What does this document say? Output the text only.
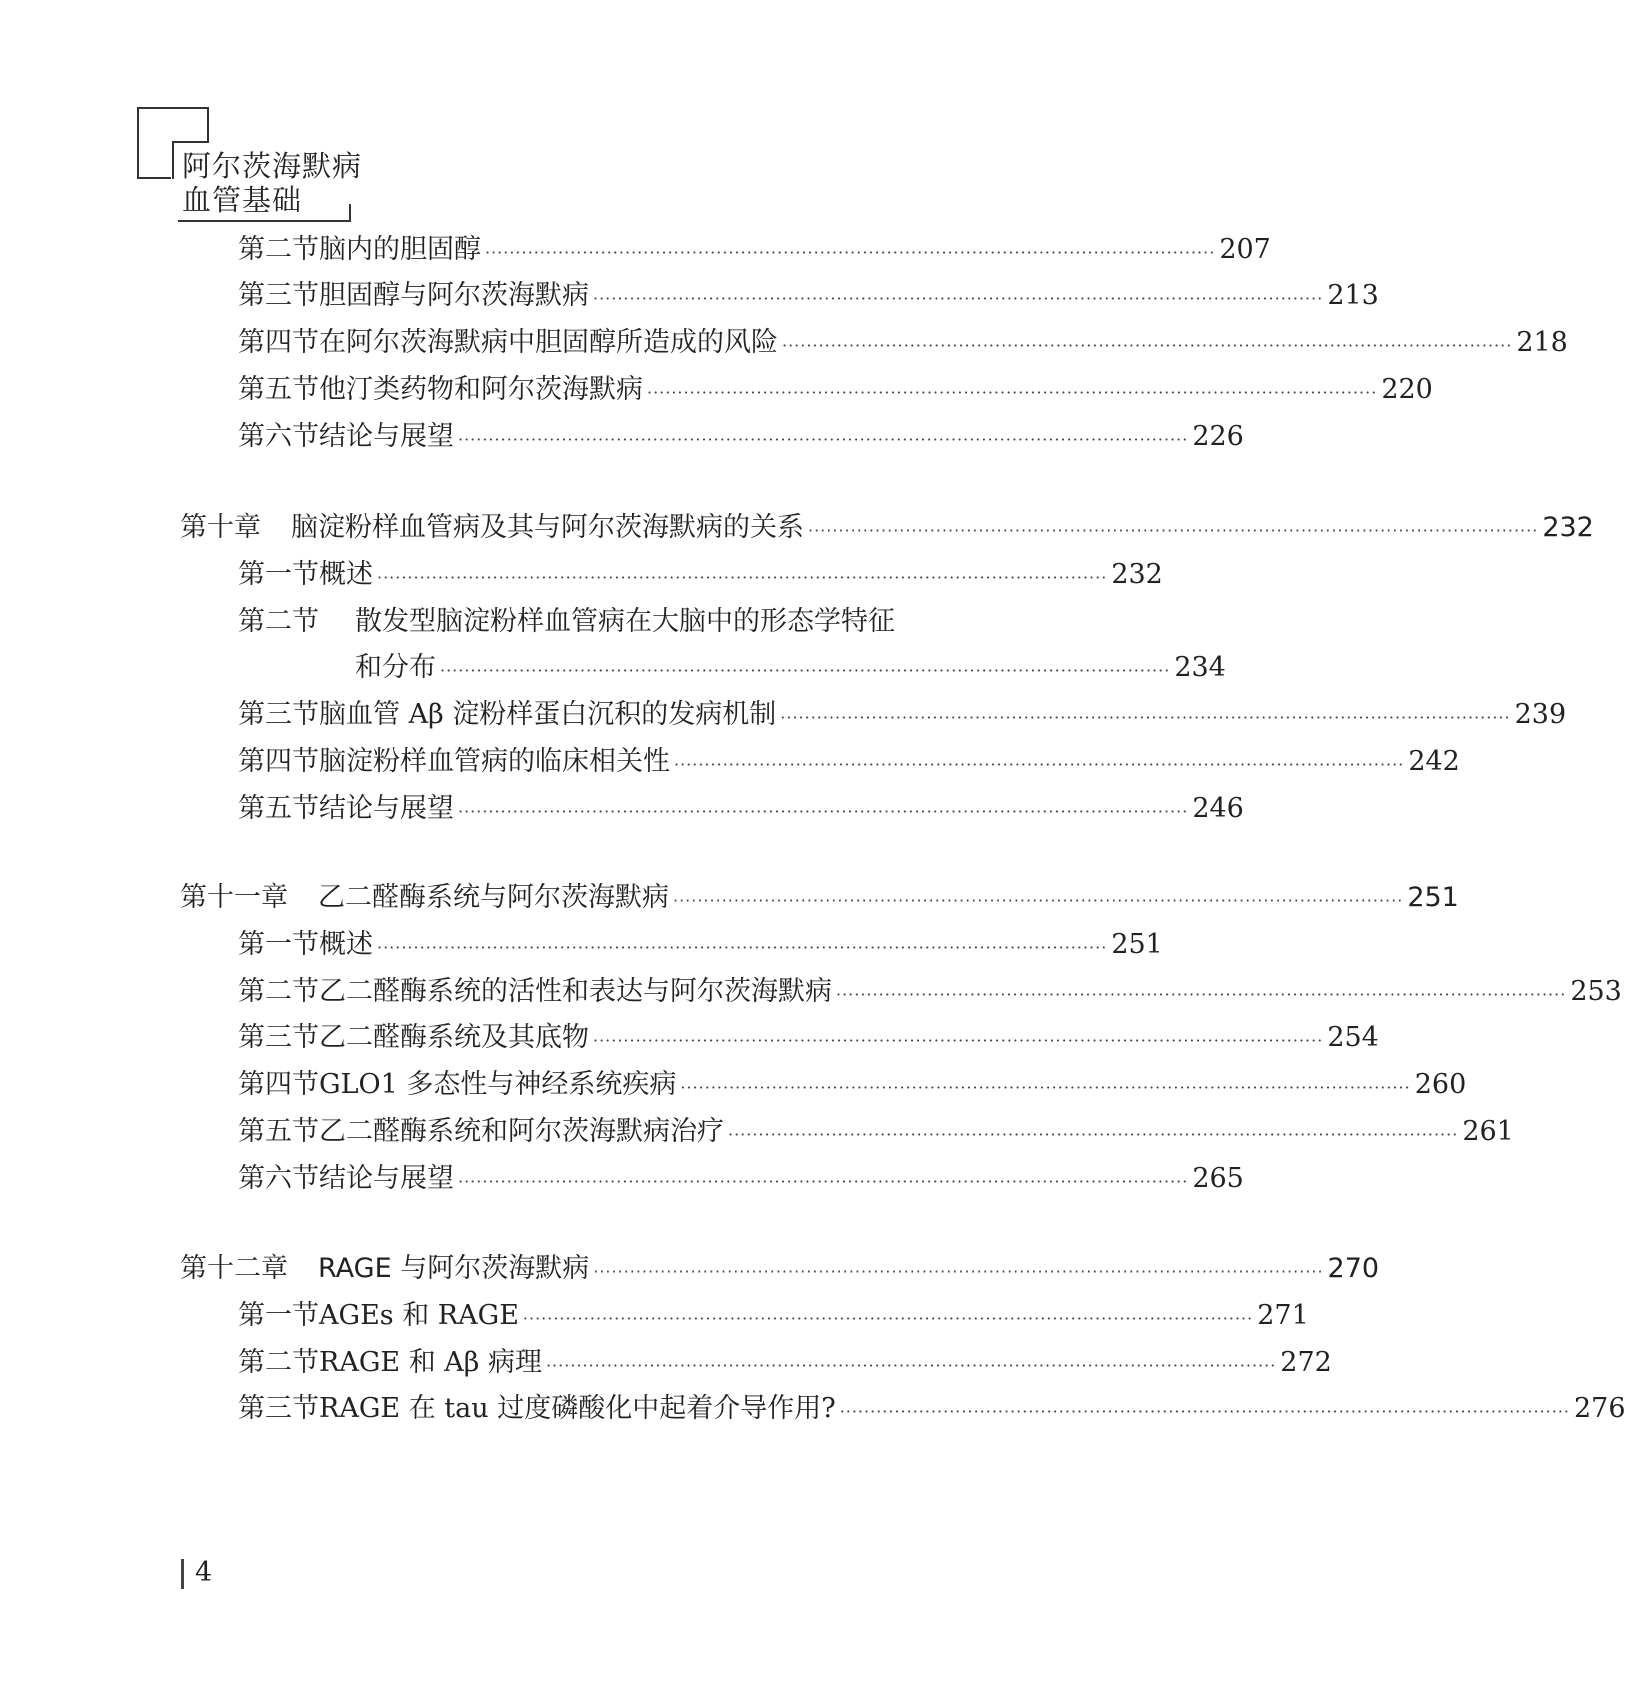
阿尔茨海默病
血管基础
第二节 脑内的胆固醇 ························································································································ 207
第三节 胆固醇与阿尔茨海默病 ························································································································ 213
第四节 在阿尔茨海默病中胆固醇所造成的风险 ························································································································ 218
第五节 他汀类药物和阿尔茨海默病 ························································································································ 220
第六节 结论与展望 ························································································································ 226
第十章 脑淀粉样血管病及其与阿尔茨海默病的关系 ························································································································ 232
第一节 概述 ························································································································ 232
第二节	散发型脑淀粉样血管病在大脑中的形态学特征
和分布 ························································································································ 234
第三节 脑血管 Aβ 淀粉样蛋白沉积的发病机制 ························································································································ 239
第四节 脑淀粉样血管病的临床相关性 ························································································································ 242
第五节 结论与展望 ························································································································ 246
第十一章 乙二醛酶系统与阿尔茨海默病 ························································································································ 251
第一节 概述 ························································································································ 251
第二节 乙二醛酶系统的活性和表达与阿尔茨海默病 ························································································································ 253
第三节 乙二醛酶系统及其底物 ························································································································ 254
第四节 GLO1 多态性与神经系统疾病 ························································································································ 260
第五节 乙二醛酶系统和阿尔茨海默病治疗 ························································································································ 261
第六节 结论与展望 ························································································································ 265
第十二章 RAGE 与阿尔茨海默病 ························································································································ 270
第一节 AGEs 和 RAGE ························································································································ 271
第二节 RAGE 和 Aβ 病理 ························································································································ 272
第三节 RAGE 在 tau 过度磷酸化中起着介导作用? ························································································································ 276
4
